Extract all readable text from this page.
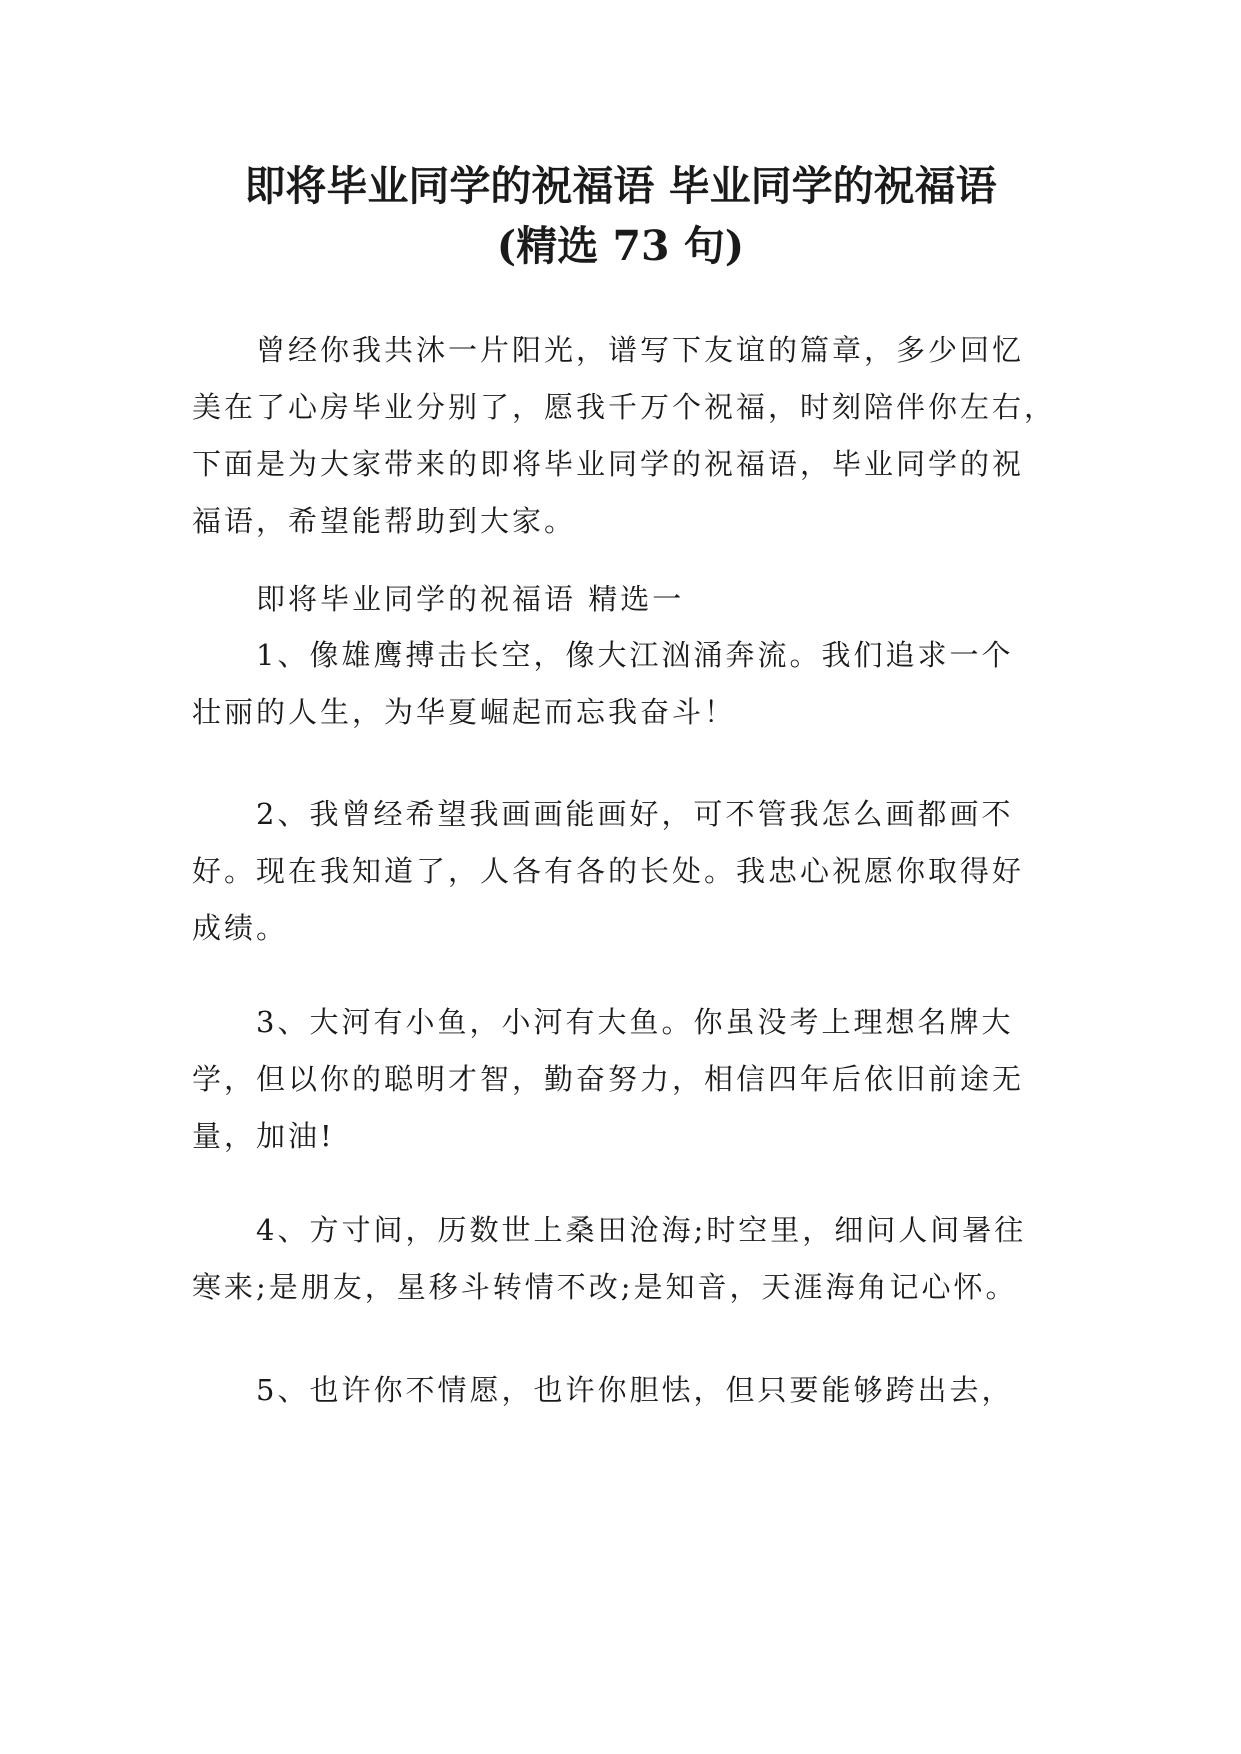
即将毕业同学的祝福语 毕业同学的祝福语
(精选 73 句)

曾经你我共沐一片阳光，谱写下友谊的篇章，多少回忆
美在了心房毕业分别了，愿我千万个祝福，时刻陪伴你左右，
下面是为大家带来的即将毕业同学的祝福语，毕业同学的祝
福语，希望能帮助到大家。

即将毕业同学的祝福语 精选一

1、像雄鹰搏击长空，像大江汹涌奔流。我们追求一个
壮丽的人生，为华夏崛起而忘我奋斗！

2、我曾经希望我画画能画好，可不管我怎么画都画不
好。现在我知道了，人各有各的长处。我忠心祝愿你取得好
成绩。

3、大河有小鱼，小河有大鱼。你虽没考上理想名牌大
学，但以你的聪明才智，勤奋努力，相信四年后依旧前途无
量，加油!

4、方寸间，历数世上桑田沧海;时空里，细问人间暑往
寒来;是朋友，星移斗转情不改;是知音，天涯海角记心怀。

5、也许你不情愿，也许你胆怯，但只要能够跨出去，
